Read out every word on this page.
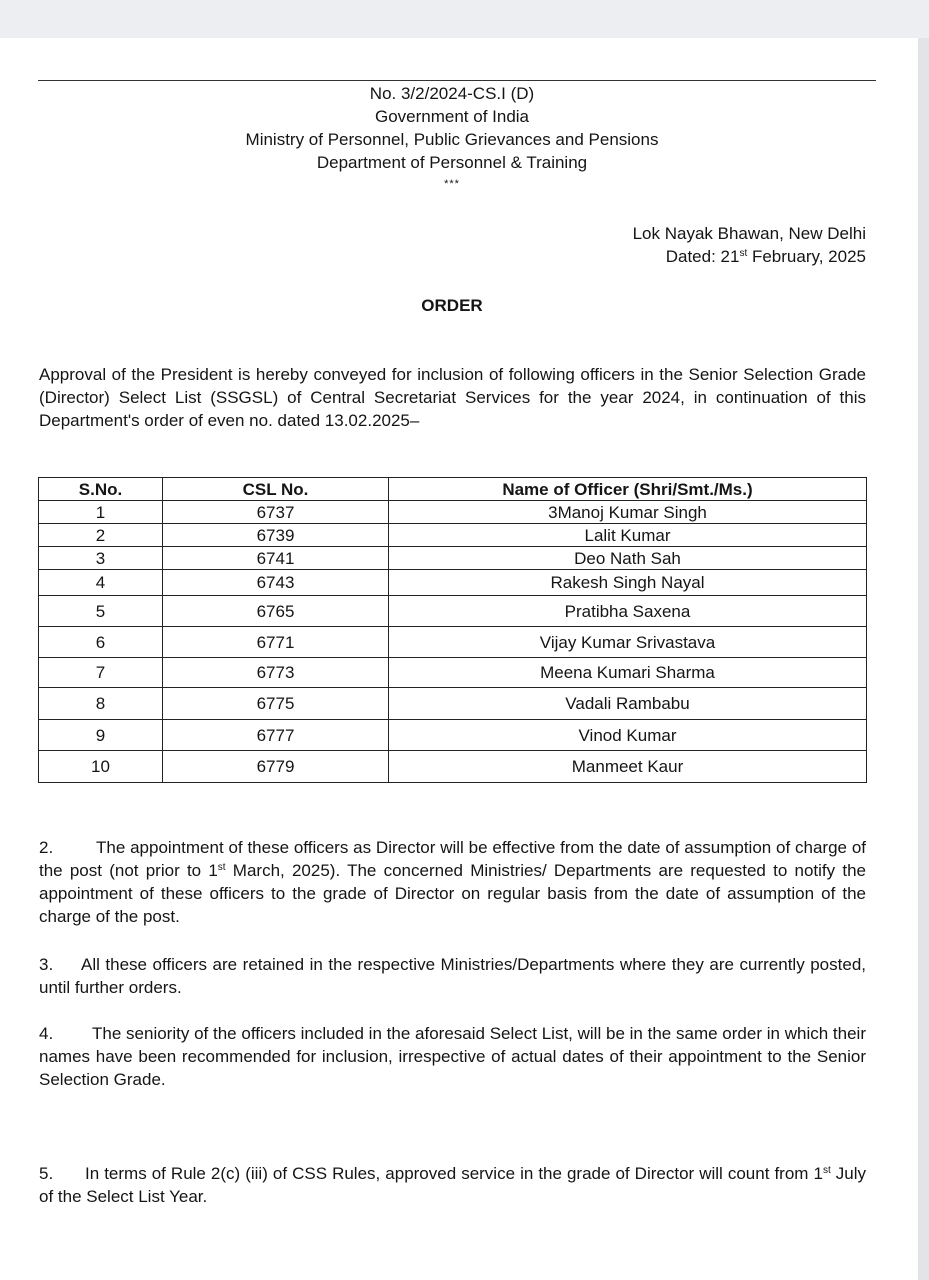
No. 3/2/2024-CS.I (D)
Government of India
Ministry of Personnel, Public Grievances and Pensions
Department of Personnel & Training
***
Lok Nayak Bhawan, New Delhi
Dated: 21st February, 2025
ORDER
Approval of the President is hereby conveyed for inclusion of following officers in the Senior Selection Grade (Director) Select List (SSGSL) of Central Secretariat Services for the year 2024, in continuation of this Department's order of even no. dated 13.02.2025–
S.No.	CSL No.	Name of Officer (Shri/Smt./Ms.)
1	6737	3Manoj Kumar Singh
2	6739	Lalit Kumar
3	6741	Deo Nath Sah
4	6743	Rakesh Singh Nayal
5	6765	Pratibha Saxena
6	6771	Vijay Kumar Srivastava
7	6773	Meena Kumari Sharma
8	6775	Vadali Rambabu
9	6777	Vinod Kumar
10	6779	Manmeet Kaur
2.	The appointment of these officers as Director will be effective from the date of assumption of charge of the post (not prior to 1st March, 2025). The concerned Ministries/ Departments are requested to notify the appointment of these officers to the grade of Director on regular basis from the date of assumption of the charge of the post.
3. All these officers are retained in the respective Ministries/Departments where they are currently posted, until further orders.
4. The seniority of the officers included in the aforesaid Select List, will be in the same order in which their names have been recommended for inclusion, irrespective of actual dates of their appointment to the Senior Selection Grade.
5. In terms of Rule 2(c) (iii) of CSS Rules, approved service in the grade of Director will count from 1st July of the Select List Year.
